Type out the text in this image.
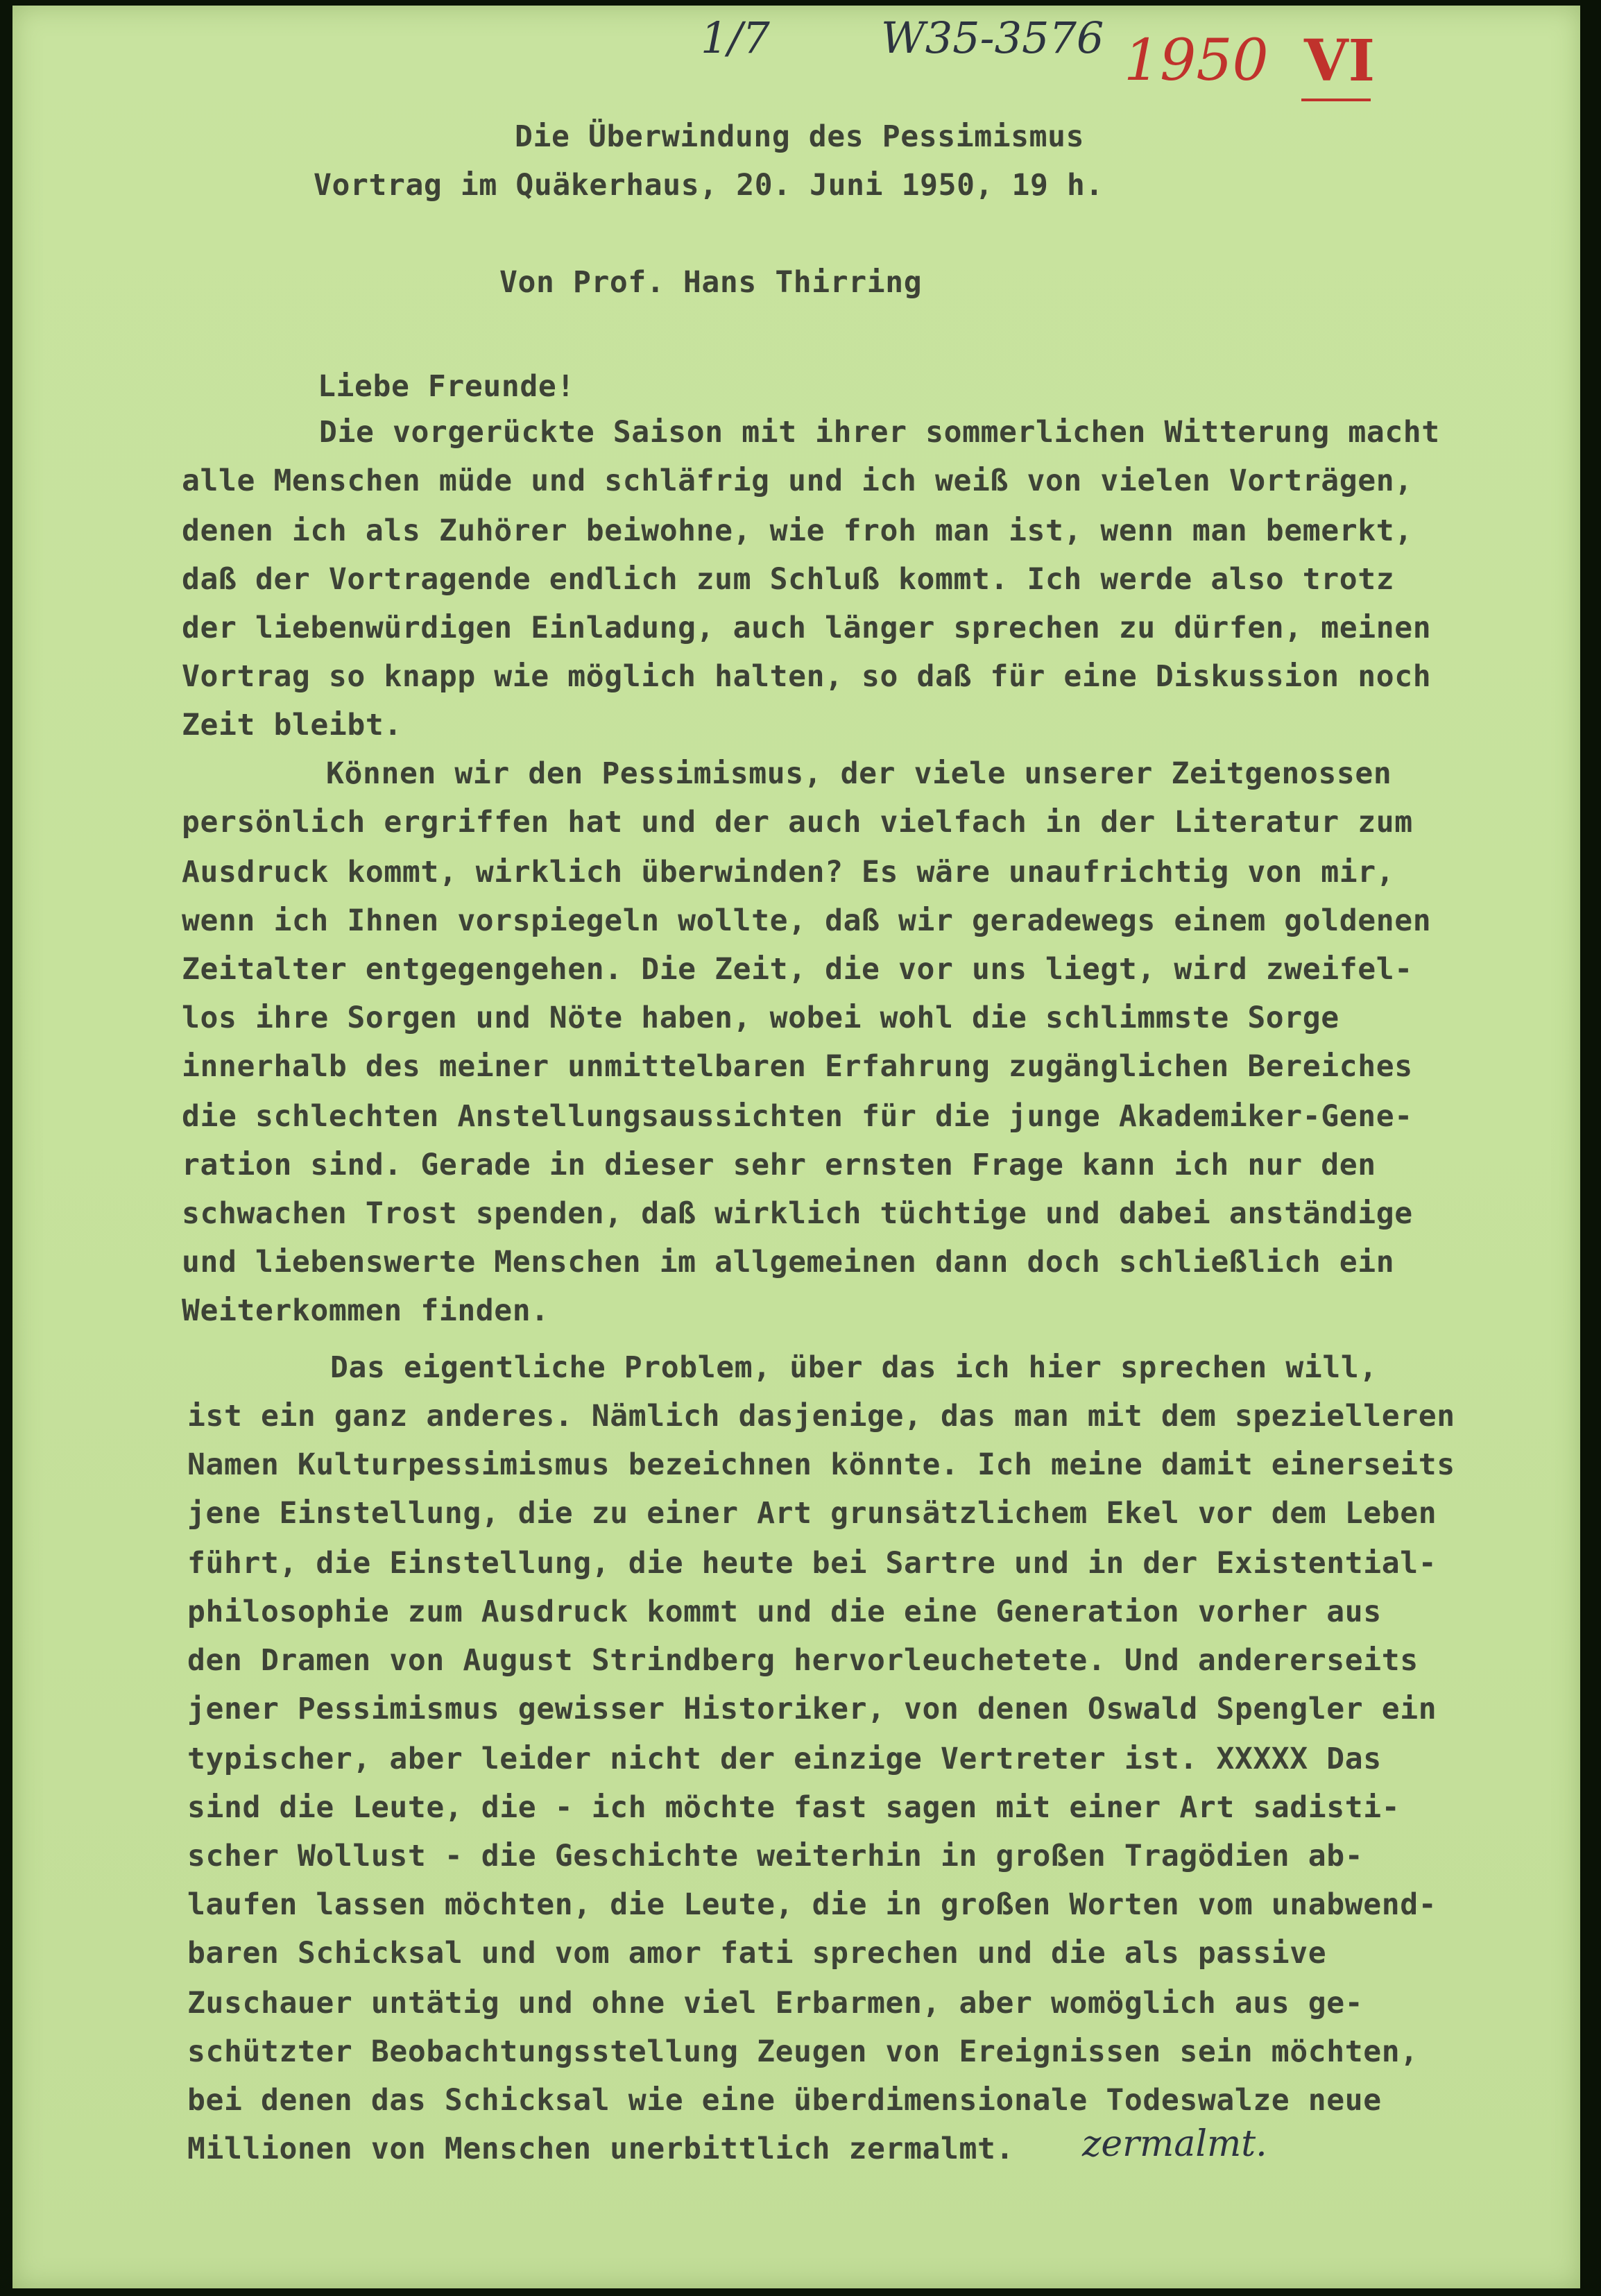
1/7	W35-3576 1950 VI
Die Überwindung des Pessimismus
Vortrag im Quäkerhaus, 20. Juni 1950, 19 h.
Von Prof. Hans Thirring
Liebe Freunde!
Die vorgerückte Saison mit ihrer sommerlichen Witterung macht
alle Menschen müde und schläfrig und ich weiß von vielen Vorträgen,
denen ich als Zuhörer beiwohne, wie froh man ist, wenn man bemerkt,
daß der Vortragende endlich zum Schluß kommt. Ich werde also trotz
der liebenwürdigen Einladung, auch länger sprechen zu dürfen, meinen
Vortrag so knapp wie möglich halten, so daß für eine Diskussion noch
Zeit bleibt.
Können wir den Pessimismus, der viele unserer Zeitgenossen
persönlich ergriffen hat und der auch vielfach in der Literatur zum
Ausdruck kommt, wirklich überwinden? Es wäre unaufrichtig von mir,
wenn ich Ihnen vorspiegeln wollte, daß wir geradewegs einem goldenen
Zeitalter entgegengehen. Die Zeit, die vor uns liegt, wird zweifel-
los ihre Sorgen und Nöte haben, wobei wohl die schlimmste Sorge
innerhalb des meiner unmittelbaren Erfahrung zugänglichen Bereiches
die schlechten Anstellungsaussichten für die junge Akademiker-Gene-
ration sind. Gerade in dieser sehr ernsten Frage kann ich nur den
schwachen Trost spenden, daß wirklich tüchtige und dabei anständige
und liebenswerte Menschen im allgemeinen dann doch schließlich ein
Weiterkommen finden.
Das eigentliche Problem, über das ich hier sprechen will,
ist ein ganz anderes. Nämlich dasjenige, das man mit dem spezielleren
Namen Kulturpessimismus bezeichnen könnte. Ich meine damit einerseits
jene Einstellung, die zu einer Art grunsätzlichem Ekel vor dem Leben
führt, die Einstellung, die heute bei Sartre und in der Existential-
philosophie zum Ausdruck kommt und die eine Generation vorher aus
den Dramen von August Strindberg hervorleuchetete. Und andererseits
jener Pessimismus gewisser Historiker, von denen Oswald Spengler ein
typischer, aber leider nicht der einzige Vertreter ist. XXXXX Das
sind die Leute, die - ich möchte fast sagen mit einer Art sadisti-
scher Wollust - die Geschichte weiterhin in großen Tragödien ab-
laufen lassen möchten, die Leute, die in großen Worten vom unabwend-
baren Schicksal und vom amor fati sprechen und die als passive
Zuschauer untätig und ohne viel Erbarmen, aber womöglich aus ge-
schützter Beobachtungsstellung Zeugen von Ereignissen sein möchten,
bei denen das Schicksal wie eine überdimensionale Todeswalze neue
Millionen von Menschen unerbittlich zermalmt. zermalmt.
